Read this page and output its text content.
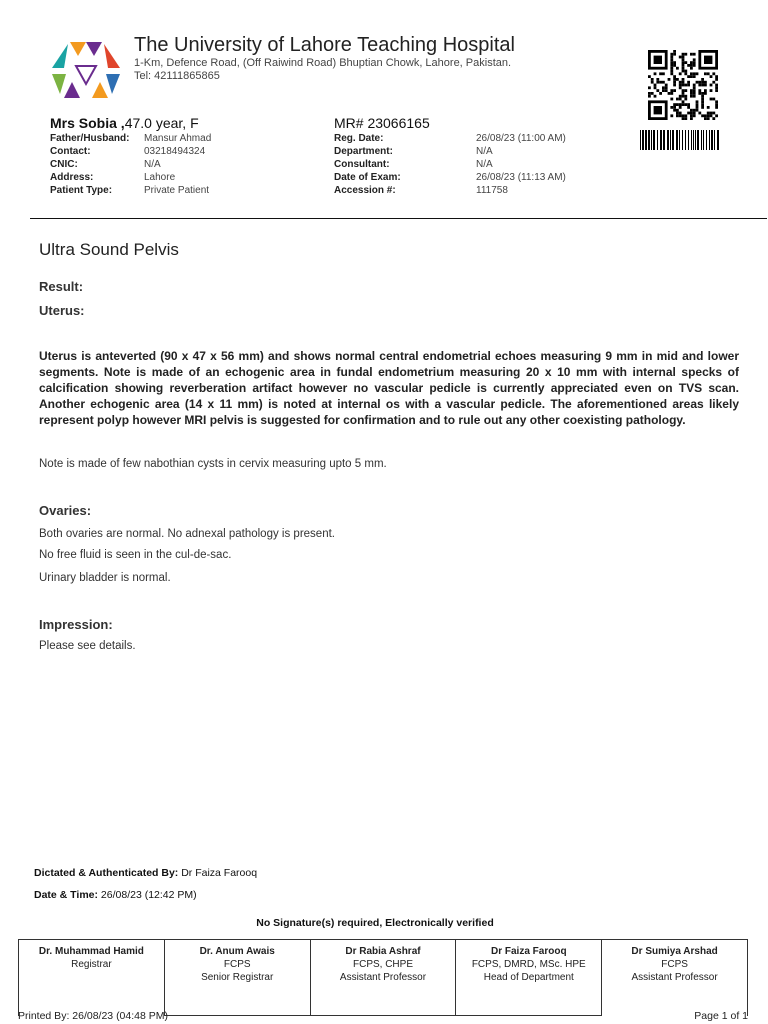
The University of Lahore Teaching Hospital
1-Km, Defence Road, (Off Raiwind Road) Bhuptian Chowk, Lahore, Pakistan.
Tel: 42111865865
Mrs Sobia ,47.0 year, F	MR# 23066165
Father/Husband: Mansur Ahmad
Contact:	03218494324
CNIC:	N/A
Address:	Lahore
Patient Type:	Private Patient
Reg. Date:	26/08/23 (11:00 AM)
Department:	N/A
Consultant:	N/A
Date of Exam:	26/08/23 (11:13 AM)
Accession #:	111758
Ultra Sound Pelvis
Result:
Uterus:
Uterus is anteverted (90 x 47 x 56 mm) and shows normal central endometrial echoes measuring 9 mm in mid and lower segments. Note is made of an echogenic area in fundal endometrium measuring 20 x 10 mm with internal specks of calcification showing reverberation artifact however no vascular pedicle is currently appreciated even on TVS scan. Another echogenic area (14 x 11 mm) is noted at internal os with a vascular pedicle. The aforementioned areas likely represent polyp however MRI pelvis is suggested for confirmation and to rule out any other coexisting pathology.
Note is made of few nabothian cysts in cervix measuring upto 5 mm.
Ovaries:
Both ovaries are normal. No adnexal pathology is present.
No free fluid is seen in the cul-de-sac.
Urinary bladder is normal.
Impression:
Please see details.
Dictated & Authenticated By: Dr Faiza Farooq
Date & Time: 26/08/23 (12:42 PM)
No Signature(s) required, Electronically verified
Dr. Muhammad Hamid
Registrar

Dr. Anum Awais
FCPS
Senior Registrar

Dr Rabia Ashraf
FCPS, CHPE
Assistant Professor

Dr Faiza Farooq
FCPS, DMRD, MSc. HPE
Head of Department

Dr Sumiya Arshad
FCPS
Assistant Professor
Printed By: 26/08/23 (04:48 PM)	Page 1 of 1
